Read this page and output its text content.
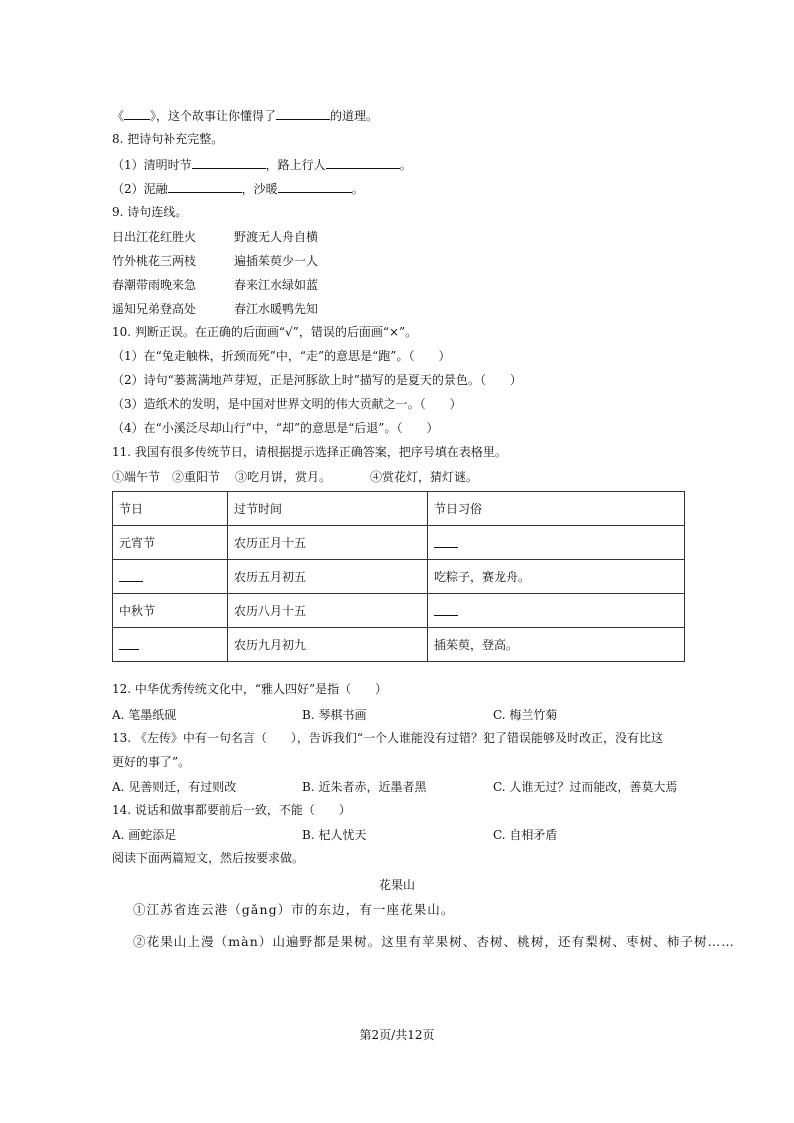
《 》，这个故事让你懂得了	的道理。
8. 把诗句补充完整。
（1）清明时节	，路上行人	。
（2）泥融	，沙暖	。
9. 诗句连线。
日出江花红胜火	野渡无人舟自横
竹外桃花三两枝	遍插茱萸少一人
春潮带雨晚来急	春来江水绿如蓝
遥知兄弟登高处	春江水暖鸭先知
10. 判断正误。在正确的后面画“√”，错误的后面画“×”。
（1）在“兔走触株，折颈而死”中，“走”的意思是“跑”。（　　）
（2）诗句“蒌蒿满地芦芽短，正是河豚欲上时”描写的是夏天的景色。（　　）
（3）造纸术的发明，是中国对世界文明的伟大贡献之一。（　　）
（4）在“小溪泛尽却山行”中，“却”的意思是“后退”。（　　）
11. 我国有很多传统节日，请根据提示选择正确答案，把序号填在表格里。
①端午节 ②重阳节 ③吃月饼，赏月。	④赏花灯，猜灯谜。
节日	过节时间	节日习俗
元宵节	农历正月十五	
	农历五月初五	吃粽子，赛龙舟。
中秋节	农历八月十五	
	农历九月初九	插茱萸，登高。
12. 中华优秀传统文化中，“雅人四好”是指（　　）
A. 笔墨纸砚	B. 琴棋书画	C. 梅兰竹菊
13. 《左传》中有一句名言（　　），告诉我们“一个人谁能没有过错？犯了错误能够及时改正，没有比这
更好的事了”。
A. 见善则迁，有过则改	B. 近朱者赤，近墨者黑	C. 人谁无过？过而能改，善莫大焉
14. 说话和做事都要前后一致，不能（　　）
A. 画蛇添足	B. 杞人忧天	C. 自相矛盾
阅读下面两篇短文，然后按要求做。
花果山
①江苏省连云港（gǎng）市的东边，有一座花果山。
②花果山上漫（màn）山遍野都是果树。这里有苹果树、杏树、桃树，还有梨树、枣树、柿子树……
第2页/共12页
